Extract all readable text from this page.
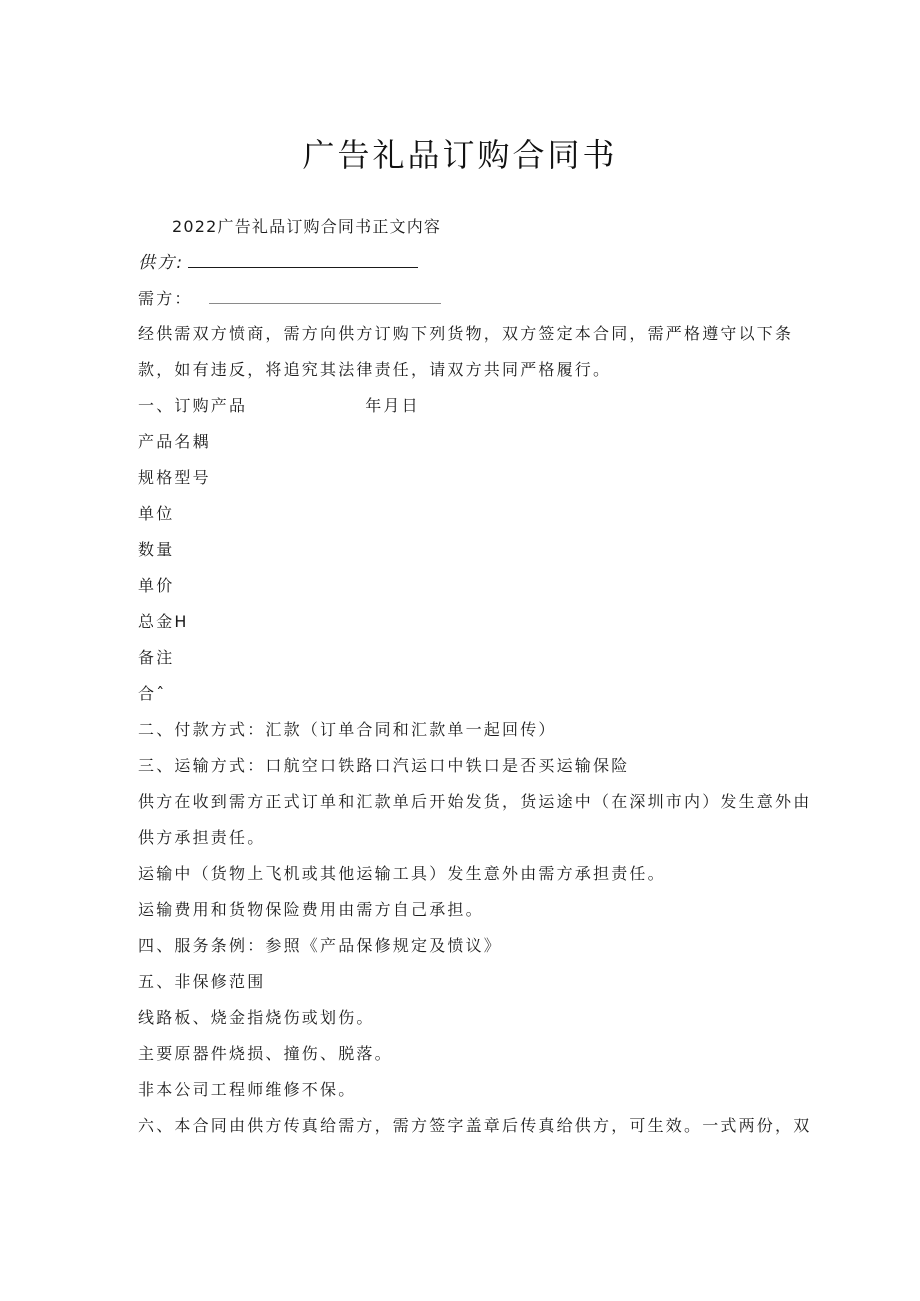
广告礼品订购合同书
2022广告礼品订购合同书正文内容
供方:
需方：
经供需双方愤商，需方向供方订购下列货物，双方签定本合同，需严格遵守以下条
款，如有违反，将追究其法律责任，请双方共同严格履行。
一、订购产品	年月日
产品名耦
规格型号
单位
数量
单价
总金H
备注
合ˆ
二、付款方式：汇款（订单合同和汇款单一起回传）
三、运输方式：口航空口铁路口汽运口中铁口是否买运输保险
供方在收到需方正式订单和汇款单后开始发货，货运途中（在深圳市内）发生意外由
供方承担责任。
运输中（货物上飞机或其他运输工具）发生意外由需方承担责任。
运输费用和货物保险费用由需方自己承担。
四、服务条例：参照《产品保修规定及愤议》
五、非保修范围
线路板、烧金指烧伤或划伤。
主要原器件烧损、撞伤、脱落。
非本公司工程师维修不保。
六、本合同由供方传真给需方，需方签字盖章后传真给供方，可生效。一式两份，双
